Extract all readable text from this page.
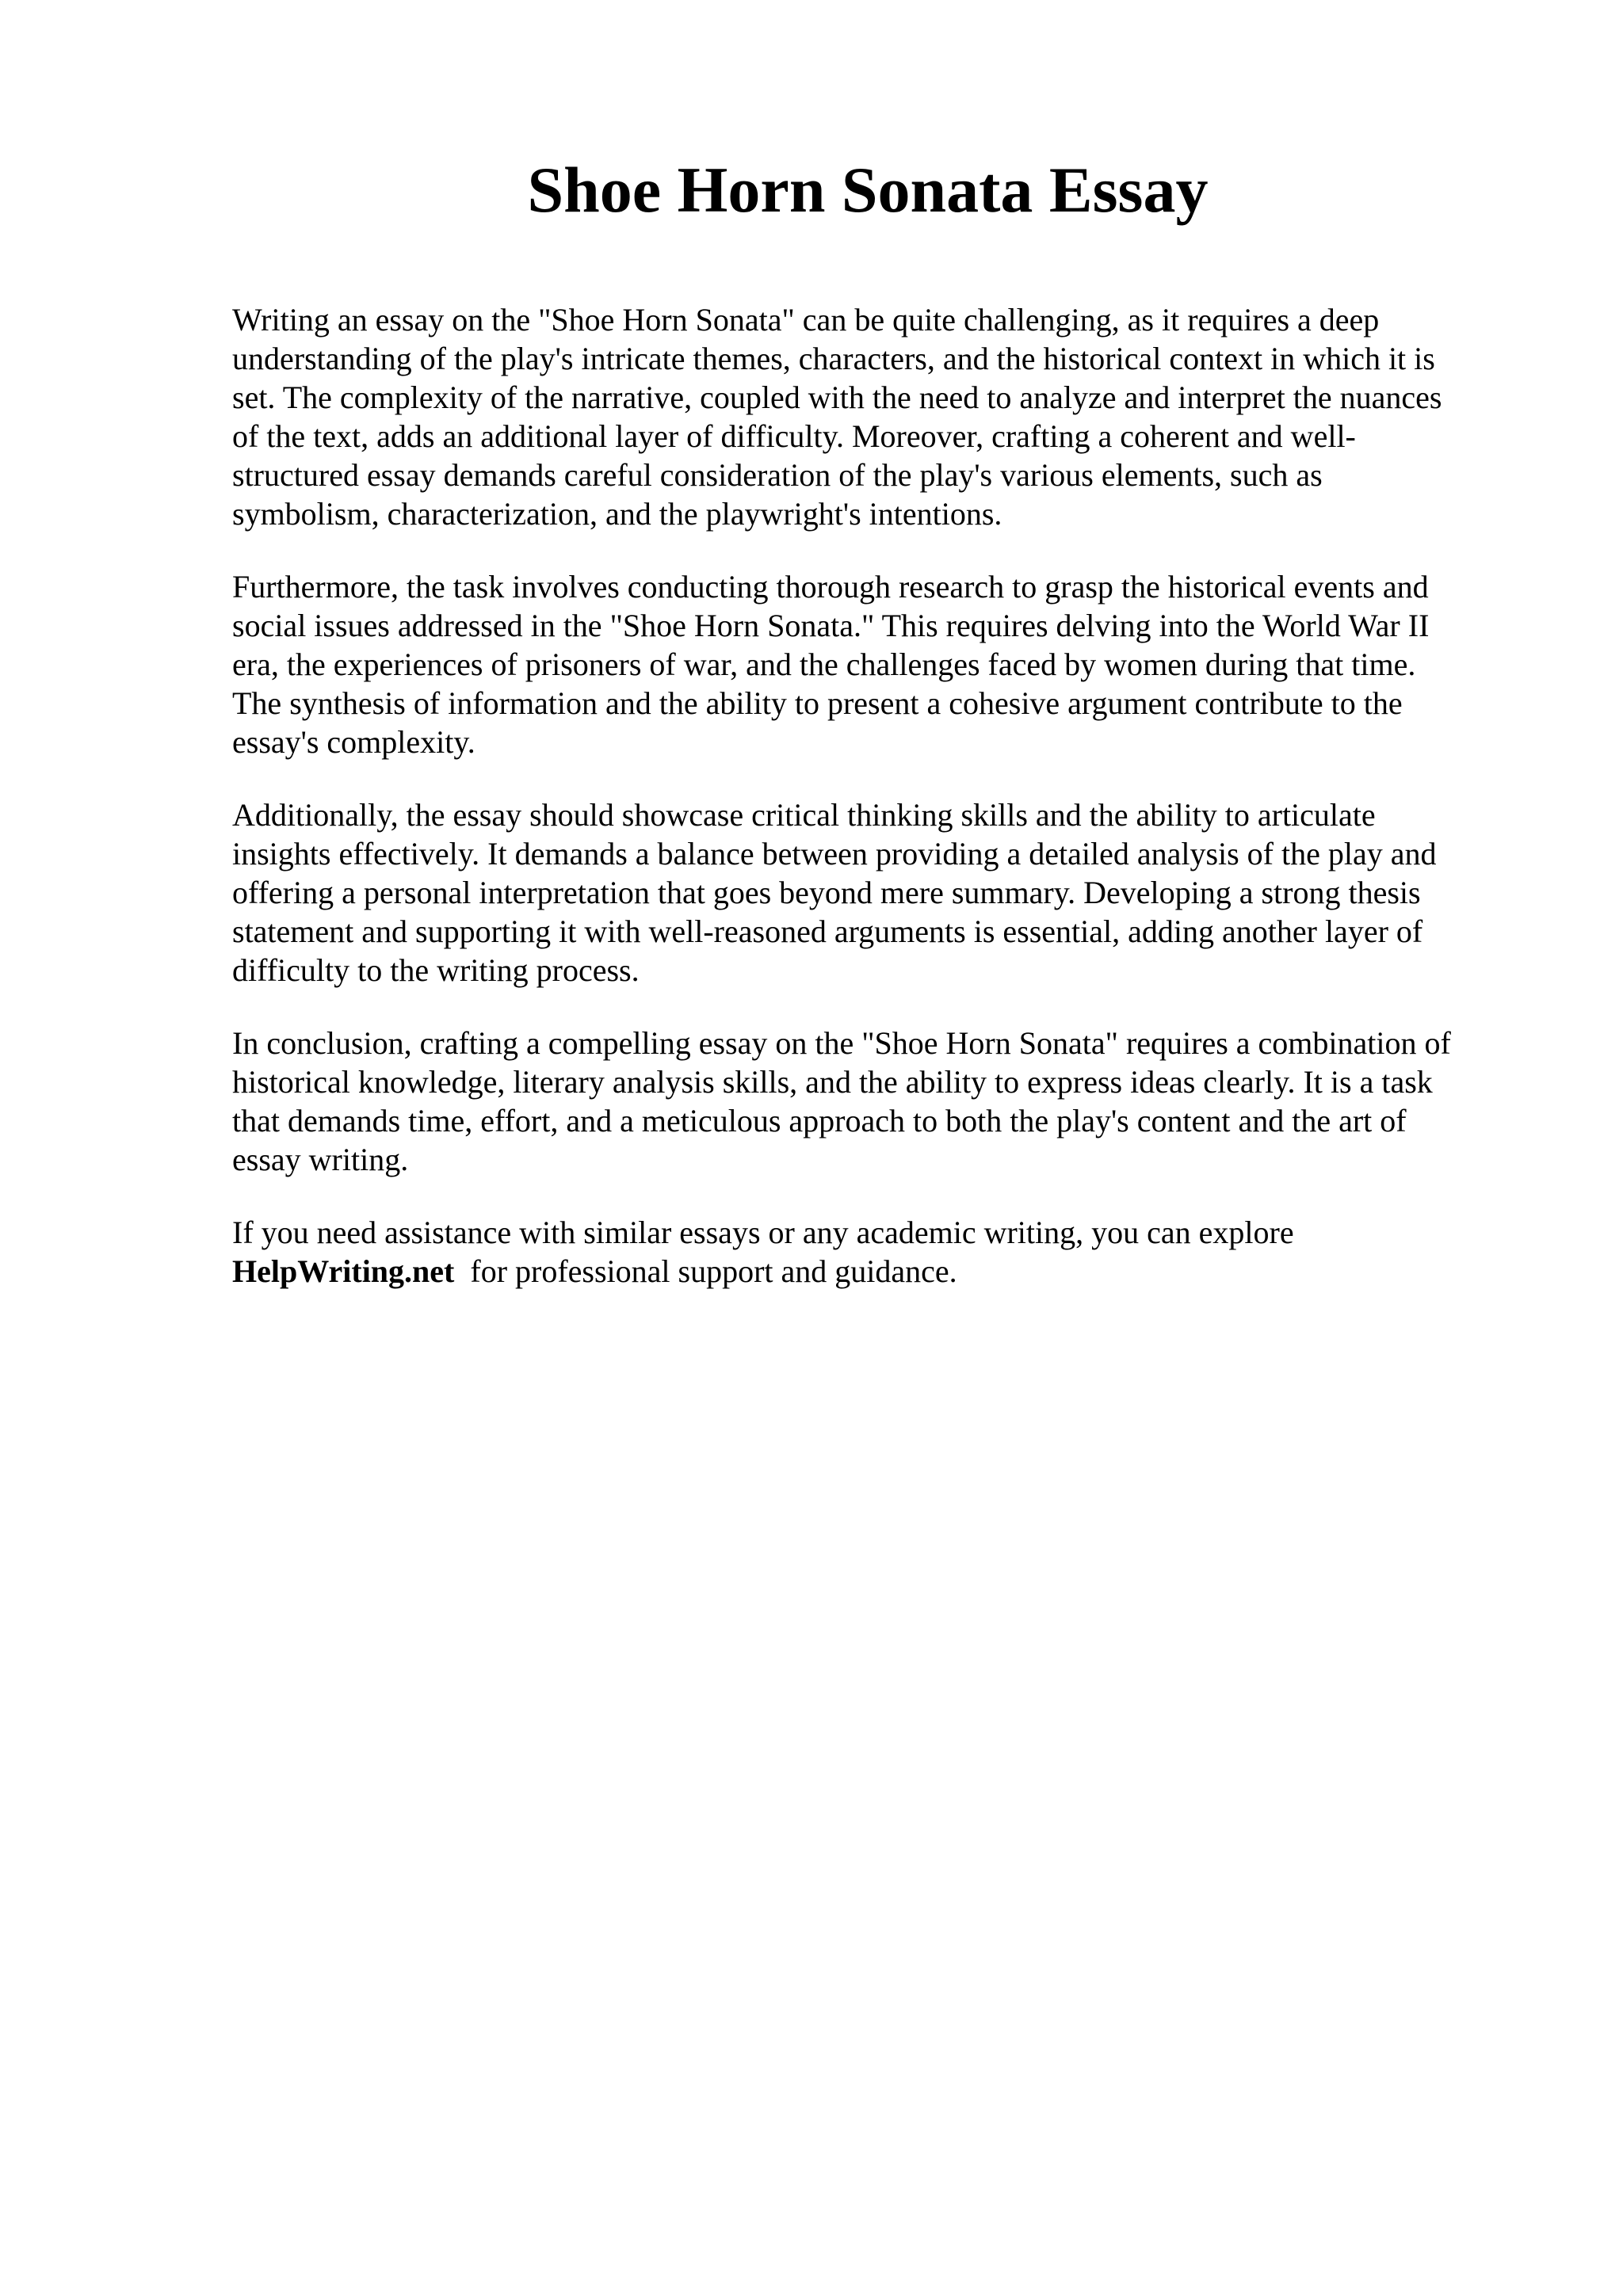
Shoe Horn Sonata Essay

Writing an essay on the "Shoe Horn Sonata" can be quite challenging, as it requires a deep
understanding of the play's intricate themes, characters, and the historical context in which it is
set. The complexity of the narrative, coupled with the need to analyze and interpret the nuances
of the text, adds an additional layer of difficulty. Moreover, crafting a coherent and well-
structured essay demands careful consideration of the play's various elements, such as
symbolism, characterization, and the playwright's intentions.

Furthermore, the task involves conducting thorough research to grasp the historical events and
social issues addressed in the "Shoe Horn Sonata." This requires delving into the World War II
era, the experiences of prisoners of war, and the challenges faced by women during that time.
The synthesis of information and the ability to present a cohesive argument contribute to the
essay's complexity.

Additionally, the essay should showcase critical thinking skills and the ability to articulate
insights effectively. It demands a balance between providing a detailed analysis of the play and
offering a personal interpretation that goes beyond mere summary. Developing a strong thesis
statement and supporting it with well-reasoned arguments is essential, adding another layer of
difficulty to the writing process.

In conclusion, crafting a compelling essay on the "Shoe Horn Sonata" requires a combination of
historical knowledge, literary analysis skills, and the ability to express ideas clearly. It is a task
that demands time, effort, and a meticulous approach to both the play's content and the art of
essay writing.

If you need assistance with similar essays or any academic writing, you can explore
HelpWriting.net for professional support and guidance.
